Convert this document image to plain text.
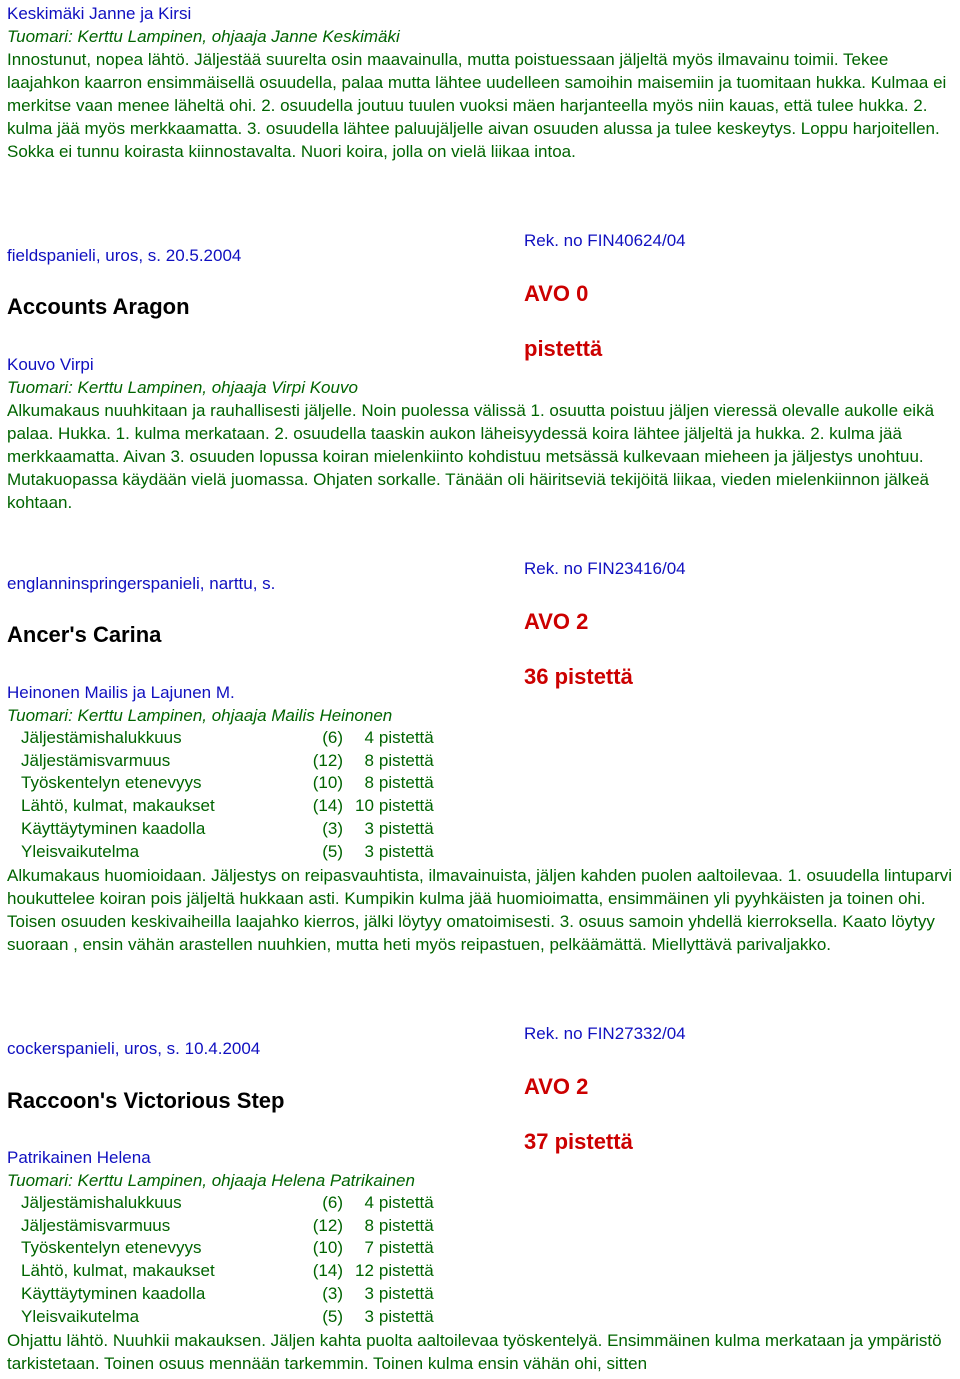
Keskimäki Janne ja Kirsi
Tuomari: Kerttu Lampinen, ohjaaja Janne Keskimäki
Innostunut, nopea lähtö. Jäljestää suurelta osin maavainulla, mutta poistuessaan jäljeltä myös ilmavainu toimii. Tekee laajahkon kaarron ensimmäisellä osuudella, palaa mutta lähtee uudelleen samoihin maisemiin ja tuomitaan hukka. Kulmaa ei merkitse vaan menee läheltä ohi. 2. osuudella joutuu tuulen vuoksi mäen harjanteella myös niin kauas, että tulee hukka. 2. kulma jää myös merkkaamatta. 3. osuudella lähtee paluujäljelle aivan osuuden alussa ja tulee keskeytys. Loppu harjoitellen. Sokka ei tunnu koirasta kiinnostavalta. Nuori koira, jolla on vielä liikaa intoa.
Rek. no FIN40624/04
fieldspanieli, uros, s. 20.5.2004
AVO 0
Accounts Aragon
pistettä
Kouvo Virpi
Tuomari: Kerttu Lampinen, ohjaaja Virpi Kouvo
Alkumakaus nuuhkitaan ja rauhallisesti jäljelle. Noin puolessa välissä 1. osuutta poistuu jäljen vieressä olevalle aukolle eikä palaa. Hukka. 1. kulma merkataan. 2. osuudella taaskin aukon läheisyydessä koira lähtee jäljeltä ja hukka. 2. kulma jää merkkaamatta. Aivan 3. osuuden lopussa koiran mielenkiinto kohdistuu metsässä kulkevaan mieheen ja jäljestys unohtuu. Mutakuopassa käydään vielä juomassa. Ohjaten sorkalle. Tänään oli häiritseviä tekijöitä liikaa, vieden mielenkiinnon jälkeä kohtaan.
Rek. no FIN23416/04
englanninspringerspanieli, narttu, s.
AVO 2
Ancer's Carina
36 pistettä
Heinonen Mailis ja Lajunen M.
Tuomari: Kerttu Lampinen, ohjaaja Mailis Heinonen
Jäljestämishalukkuus	(6)	4	pistettä
Jäljestämisvarmuus	(12)	8	pistettä
Työskentelyn etenevyys	(10)	8	pistettä
Lähtö, kulmat, makaukset	(14)	10	pistettä
Käyttäytyminen kaadolla	(3)	3	pistettä
Yleisvaikutelma	(5)	3	pistettä
Alkumakaus huomioidaan. Jäljestys on reipasvauhtista, ilmavainuista, jäljen kahden puolen aaltoilevaa. 1. osuudella lintuparvi houkuttelee koiran pois jäljeltä hukkaan asti. Kumpikin kulma jää huomioimatta, ensimmäinen yli pyyhkäisten ja toinen ohi. Toisen osuuden keskivaiheilla laajahko kierros, jälki löytyy omatoimisesti. 3. osuus samoin yhdellä kierroksella. Kaato löytyy suoraan , ensin vähän arastellen nuuhkien, mutta heti myös reipastuen, pelkäämättä. Miellyttävä parivaljakko.
Rek. no FIN27332/04
cockerspanieli, uros, s. 10.4.2004
AVO 2
Raccoon's Victorious Step
37 pistettä
Patrikainen Helena
Tuomari: Kerttu Lampinen, ohjaaja Helena Patrikainen
Jäljestämishalukkuus	(6)	4	pistettä
Jäljestämisvarmuus	(12)	8	pistettä
Työskentelyn etenevyys	(10)	7	pistettä
Lähtö, kulmat, makaukset	(14)	12	pistettä
Käyttäytyminen kaadolla	(3)	3	pistettä
Yleisvaikutelma	(5)	3	pistettä
Ohjattu lähtö. Nuuhkii makauksen. Jäljen kahta puolta aaltoilevaa työskentelyä. Ensimmäinen kulma merkataan ja ympäristö tarkistetaan. Toinen osuus mennään tarkemmin. Toinen kulma ensin vähän ohi, sitten
